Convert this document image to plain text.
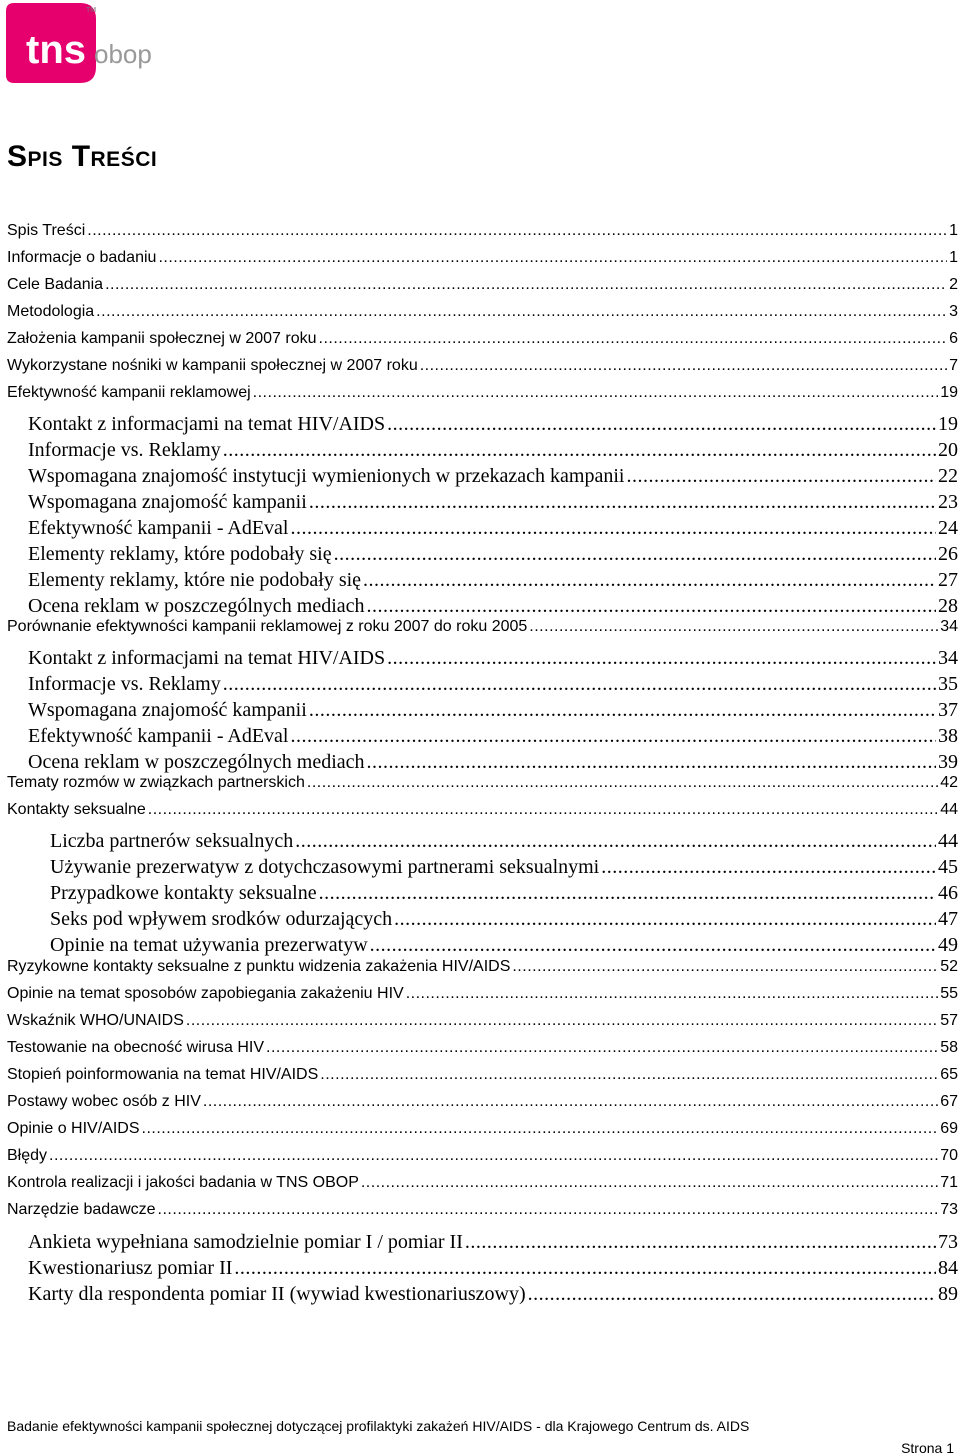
tns obop
TM
Spis Treści
Spis Treści .....	1
Informacje o badaniu .....	1
Cele Badania .....	2
Metodologia .....	3
Założenia kampanii społecznej w 2007 roku .....	6
Wykorzystane nośniki w kampanii społecznej w 2007 roku .....	7
Efektywność kampanii reklamowej .....	19
Kontakt z informacjami na temat HIV/AIDS .....	19
Informacje vs. Reklamy .....	20
Wspomagana znajomość instytucji wymienionych w przekazach kampanii .....	22
Wspomagana znajomość kampanii .....	23
Efektywność kampanii - AdEval .....	24
Elementy reklamy, które podobały się .....	26
Elementy reklamy, które nie podobały się .....	27
Ocena reklam w poszczególnych mediach .....	28
Porównanie efektywności kampanii reklamowej z roku 2007 do roku 2005 .....	34
Kontakt z informacjami na temat HIV/AIDS .....	34
Informacje vs. Reklamy .....	35
Wspomagana znajomość kampanii .....	37
Efektywność kampanii - AdEval .....	38
Ocena reklam w poszczególnych mediach .....	39
Tematy rozmów w związkach partnerskich .....	42
Kontakty seksualne .....	44
Liczba partnerów seksualnych .....	44
Używanie prezerwatyw z dotychczasowymi partnerami seksualnymi .....	45
Przypadkowe kontakty seksualne .....	46
Seks pod wpływem srodków odurzających .....	47
Opinie na temat używania prezerwatyw .....	49
Ryzykowne kontakty seksualne z punktu widzenia zakażenia HIV/AIDS .....	52
Opinie na temat sposobów zapobiegania zakażeniu HIV .....	55
Wskaźnik WHO/UNAIDS .....	57
Testowanie na obecność wirusa HIV .....	58
Stopień poinformowania na temat HIV/AIDS .....	65
Postawy wobec osób z HIV .....	67
Opinie o HIV/AIDS .....	69
Błędy .....	70
Kontrola realizacji i jakości badania w TNS OBOP .....	71
Narzędzie badawcze .....	73
Ankieta wypełniana samodzielnie pomiar I / pomiar II .....	73
Kwestionariusz pomiar II .....	84
Karty dla respondenta pomiar II (wywiad kwestionariuszowy) .....	89
Badanie efektywności kampanii społecznej dotyczącej profilaktyki zakażeń HIV/AIDS - dla Krajowego Centrum ds. AIDS
Strona 1
